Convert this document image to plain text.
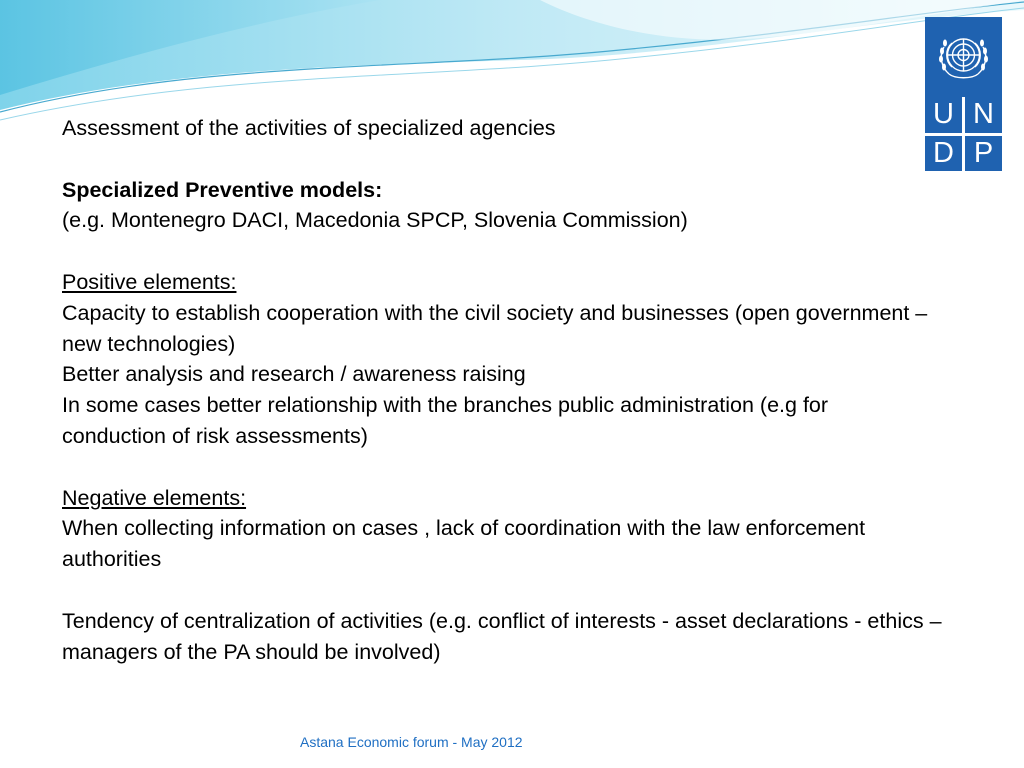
U N
D P

Assessment of the activities of specialized agencies

Specialized Preventive models:

(e.g. Montenegro DACI, Macedonia SPCP, Slovenia Commission)

Positive elements:

Capacity to establish cooperation with the civil society and businesses (open government – new technologies)

Better analysis and research / awareness raising

In some cases better relationship with the branches public administration (e.g for conduction of risk assessments)

Negative elements:

When collecting information on cases , lack of coordination with the law enforcement authorities

Tendency of centralization of activities (e.g. conflict of interests - asset declarations - ethics – managers of the PA should be involved)

Astana Economic forum - May 2012
